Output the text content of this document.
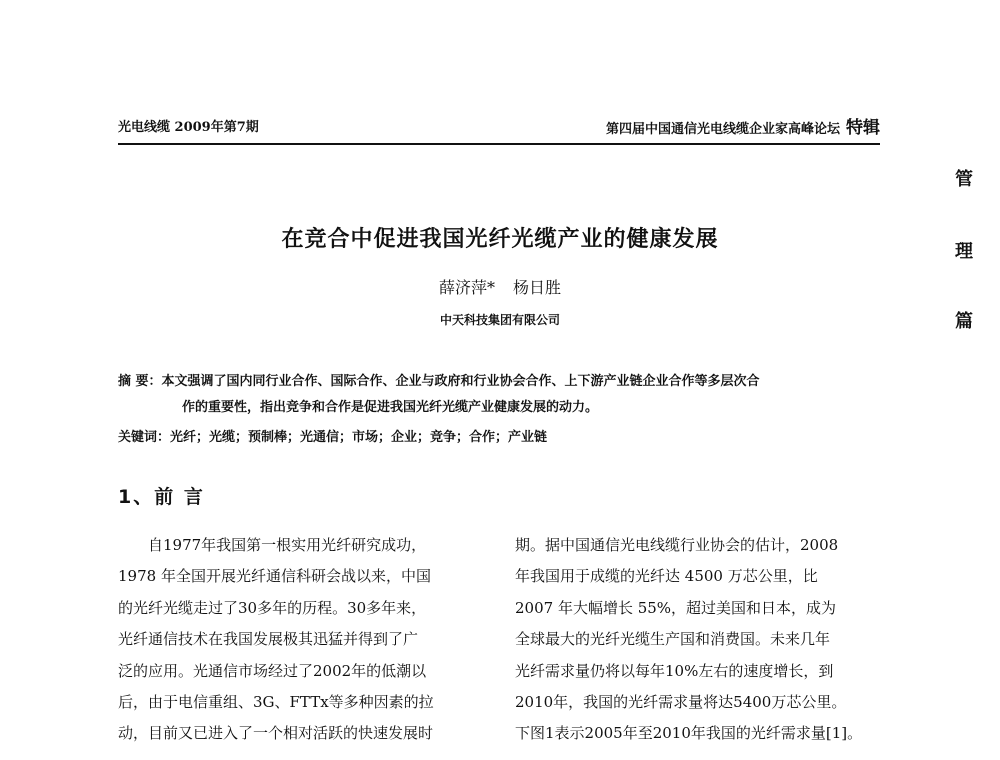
光电线缆 2009年第7期	第四届中国通信光电线缆企业家高峰论坛 特辑
管
理
篇
在竞合中促进我国光纤光缆产业的健康发展
薛济萍* 杨日胜
中天科技集团有限公司
摘 要：本文强调了国内同行业合作、国际合作、企业与政府和行业协会合作、上下游产业链企业合作等多层次合
作的重要性，指出竞争和合作是促进我国光纤光缆产业健康发展的动力。
关键词：光纤；光缆；预制棒；光通信；市场；企业；竞争；合作；产业链
1、前 言

　　自1977年我国第一根实用光纤研究成功，

1978 年全国开展光纤通信科研会战以来，中国

的光纤光缆走过了30多年的历程。30多年来，

光纤通信技术在我国发展极其迅猛并得到了广

泛的应用。光通信市场经过了2002年的低潮以

后，由于电信重组、3G、FTTx等多种因素的拉

动，目前又已进入了一个相对活跃的快速发展时

期。据中国通信光电线缆行业协会的估计，2008

年我国用于成缆的光纤达 4500 万芯公里，比

2007 年大幅增长 55%，超过美国和日本，成为

全球最大的光纤光缆生产国和消费国。未来几年

光纤需求量仍将以每年10%左右的速度增长，到

2010年，我国的光纤需求量将达5400万芯公里。

下图1表示2005年至2010年我国的光纤需求量[1]。
